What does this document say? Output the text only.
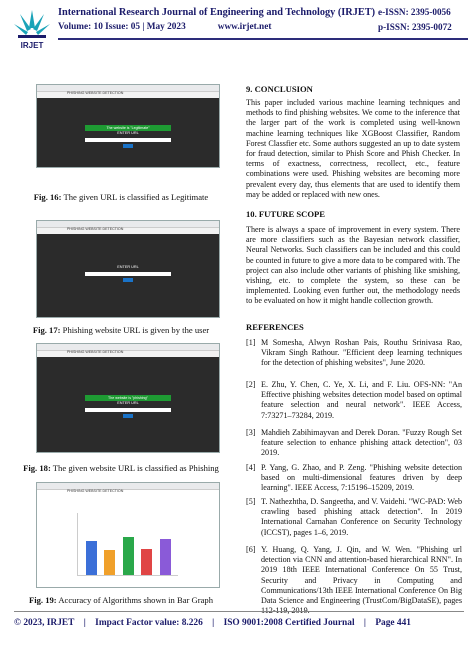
IRJET
International Research Journal of Engineering and Technology (IRJET)
Volume: 10 Issue: 05 | May 2023	www.irjet.net
e-ISSN: 2395-0056
p-ISSN: 2395-0072
PHISHING WEBSITE DETECTION
The website is "Legitimate"
ENTER URL
Fig. 16: The given URL is classified as Legitimate
PHISHING WEBSITE DETECTION
ENTER URL
Fig. 17: Phishing website URL is given by the user
PHISHING WEBSITE DETECTION
The website is "phishing"
ENTER URL
Fig. 18: The given website URL is classified as Phishing
PHISHING WEBSITE DETECTION
Fig. 19: Accuracy of Algorithms shown in Bar Graph
9. CONCLUSION
This paper included various machine learning techniques and methods to find phishing websites. We come to the inference that the larger part of the work is completed using well-known machine learning techniques like XGBoost Classifier, Random Forest Classfier etc. Some authors suggested an up to date system for fraud detection, similar to Phish Score and Phish Checker. In terms of exactness, correctness, recollect, etc., feature combinations were used. Phishing websites are becoming more prevalent every day, thus elements that are used to identify them may be added or replaced with new ones.
10. FUTURE SCOPE
There is always a space of improvement in every system. There are more classifiers such as the Bayesian network classifier, Neural Networks. Such classifiers can be included and this could be counted in future to give a more data to be compared with. The project can also include other variants of phishing like smishing, vishing, etc. to complete the system, so these can be implemented. Looking even further out, the methodology needs to be evaluated on how it might handle collection growth.
REFERENCES
[1] M Somesha, Alwyn Roshan Pais, Routhu Srinivasa Rao, Vikram Singh Rathour. "Efficient deep learning techniques for the detection of phishing websites", June 2020.
[2] E. Zhu, Y. Chen, C. Ye, X. Li, and F. Liu. OFS-NN: "An Effective phishing websites detection model based on optimal feature selection and neural network". IEEE Access, 7:73271–73284, 2019.
[3] Mahdieh Zabihimayvan and Derek Doran. "Fuzzy Rough Set feature selection to enhance phishing attack detection", 03 2019.
[4] P. Yang, G. Zhao, and P. Zeng. "Phishing website detection based on multi-dimensional features driven by deep learning". IEEE Access, 7:15196–15209, 2019.
[5] T. Nathezhtha, D. Sangeetha, and V. Vaidehi. "WC-PAD: Web crawling based phishing attack detection". In 2019 International Carnahan Conference on Security Technology (ICCST), pages 1–6, 2019.
[6] Y. Huang, Q. Yang, J. Qin, and W. Wen. "Phishing url detection via CNN and attention-based hierarchical RNN". In 2019 18th IEEE International Conference On 55 Trust, Security and Privacy in Computing and Communications/13th IEEE International Conference On Big Data Science and Engineering (TrustCom/BigDataSE), pages
© 2023, IRJET | Impact Factor value: 8.226 | ISO 9001:2008 Certified Journal | Page 441
